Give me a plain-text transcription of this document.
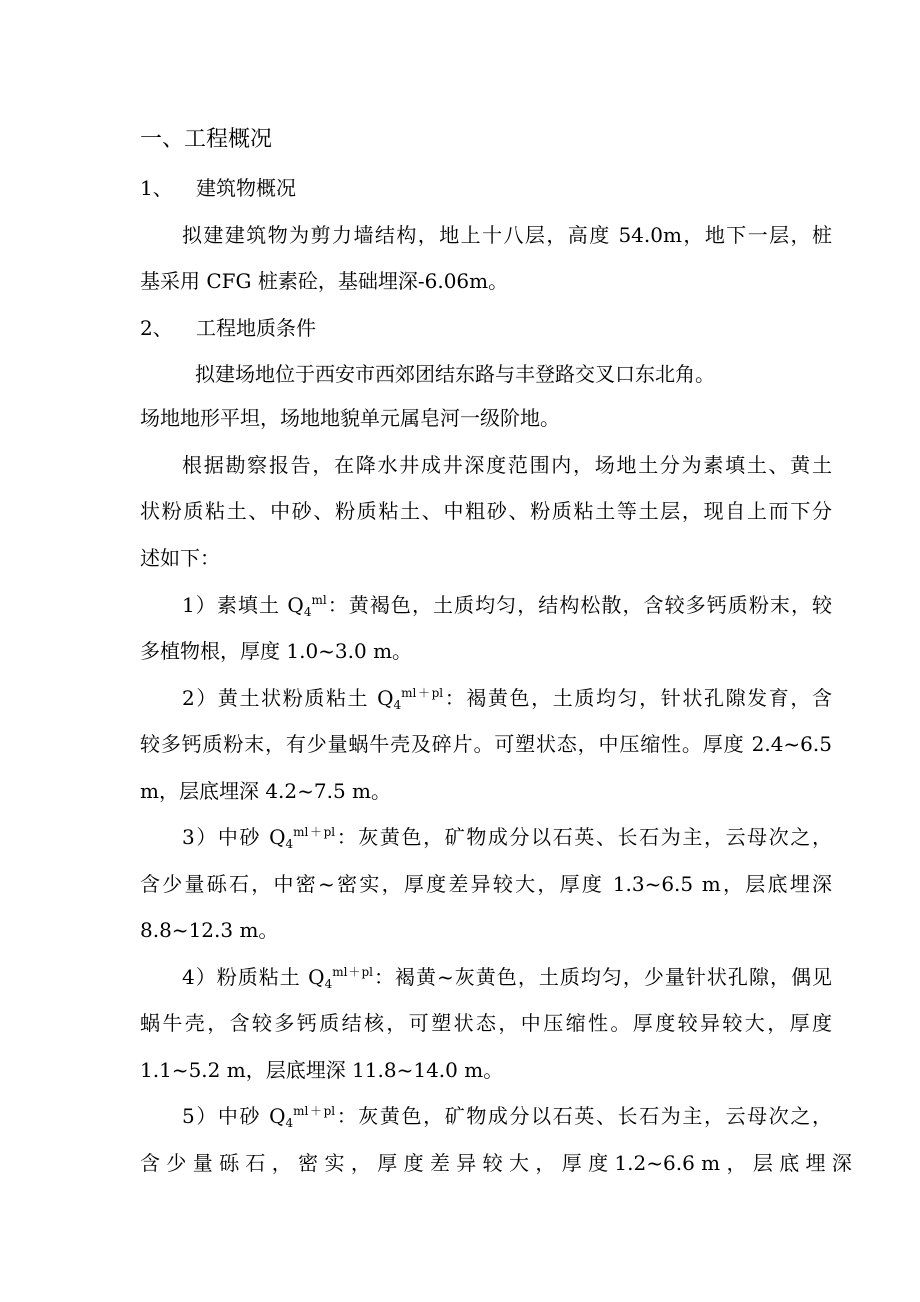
一、工程概况
1、 建筑物概况
拟建建筑物为剪力墙结构，地上十八层，高度 54.0m，地下一层，桩
基采用 CFG 桩素砼，基础埋深-6.06m。
2、 工程地质条件
拟建场地位于西安市西郊团结东路与丰登路交叉口东北角。
场地地形平坦，场地地貌单元属皂河一级阶地。
根据勘察报告，在降水井成井深度范围内，场地土分为素填土、黄土
状粉质粘土、中砂、粉质粘土、中粗砂、粉质粘土等土层，现自上而下分
述如下：
1）素填土 $Q_4^{ml}$：黄褐色，土质均匀，结构松散，含较多钙质粉末，较
多植物根，厚度 1.0~3.0 m。
2）黄土状粉质粘土 $Q_4^{ml+pl}$：褐黄色，土质均匀，针状孔隙发育，含
较多钙质粉末，有少量蜗牛壳及碎片。可塑状态，中压缩性。厚度 2.4~6.5
m，层底埋深 4.2~7.5 m。
3）中砂 $Q_4^{ml+pl}$：灰黄色，矿物成分以石英、长石为主，云母次之，
含少量砾石，中密~密实，厚度差异较大，厚度 1.3~6.5 m，层底埋深
8.8~12.3 m。
4）粉质粘土 $Q_4^{ml+pl}$：褐黄~灰黄色，土质均匀，少量针状孔隙，偶见
蜗牛壳，含较多钙质结核，可塑状态，中压缩性。厚度较异较大，厚度
1.1~5.2 m，层底埋深 11.8~14.0 m。
5）中砂 $Q_4^{ml+pl}$：灰黄色，矿物成分以石英、长石为主，云母次之，
含 少 量 砾 石 ， 密 实 ， 厚 度 差 异 较 大 ， 厚 度 1.2~6.6 m ， 层 底 埋 深
